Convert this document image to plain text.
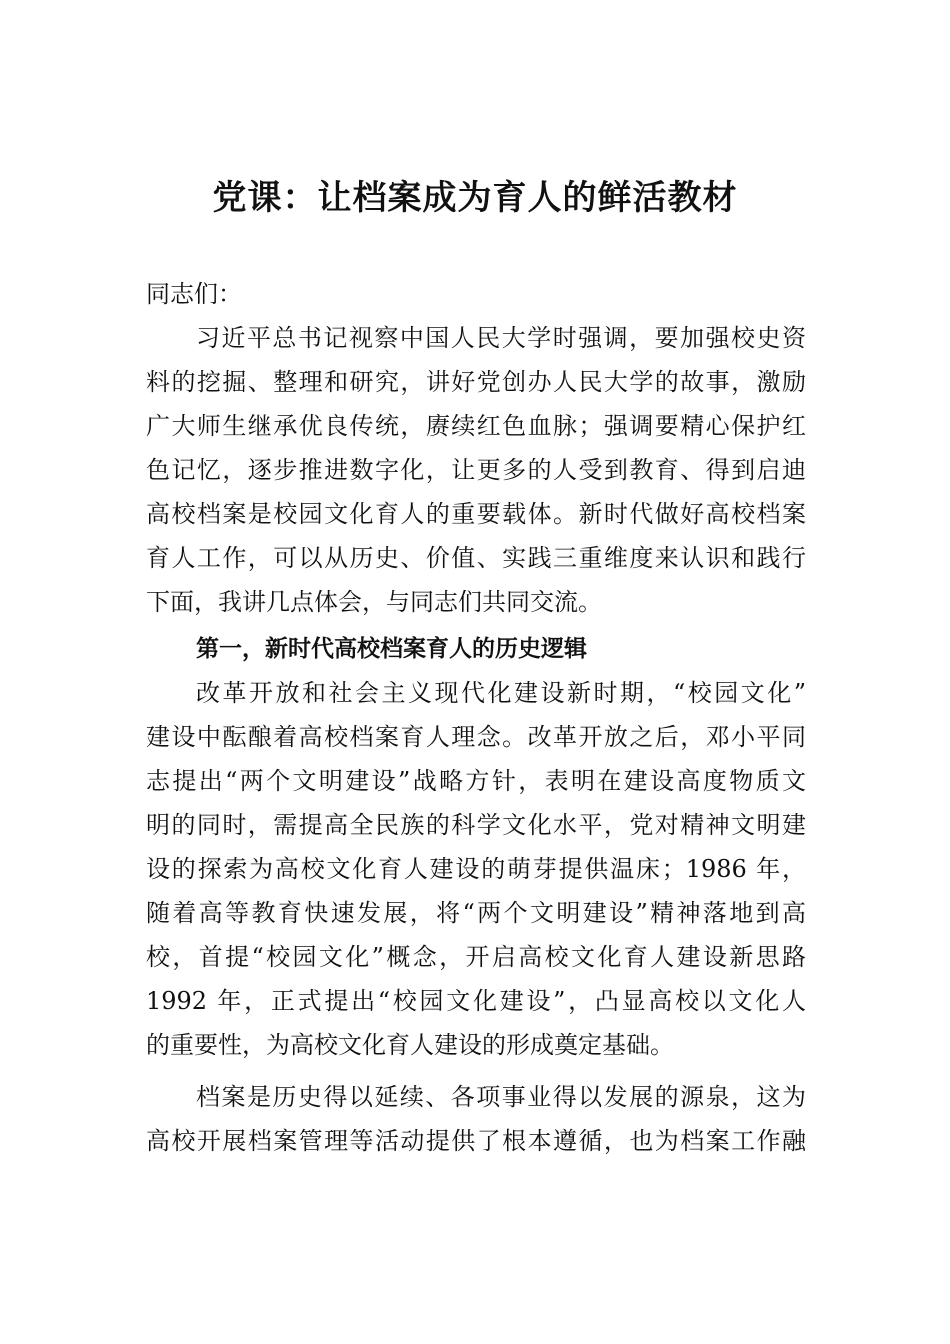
党课：让档案成为育人的鲜活教材

同志们：

习近平总书记视察中国人民大学时强调，要加强校史资

料的挖掘、整理和研究，讲好党创办人民大学的故事，激励

广大师生继承优良传统，赓续红色血脉；强调要精心保护红

色记忆，逐步推进数字化，让更多的人受到教育、得到启迪

高校档案是校园文化育人的重要载体。新时代做好高校档案

育人工作，可以从历史、价值、实践三重维度来认识和践行

下面，我讲几点体会，与同志们共同交流。

第一，新时代高校档案育人的历史逻辑

改革开放和社会主义现代化建设新时期，“校园文化”

建设中酝酿着高校档案育人理念。改革开放之后，邓小平同

志提出“两个文明建设”战略方针，表明在建设高度物质文

明的同时，需提高全民族的科学文化水平，党对精神文明建

设的探索为高校文化育人建设的萌芽提供温床；1986 年，

随着高等教育快速发展，将“两个文明建设”精神落地到高

校，首提“校园文化”概念，开启高校文化育人建设新思路

1992 年，正式提出“校园文化建设”，凸显高校以文化人

的重要性，为高校文化育人建设的形成奠定基础。

档案是历史得以延续、各项事业得以发展的源泉，这为

高校开展档案管理等活动提供了根本遵循，也为档案工作融
